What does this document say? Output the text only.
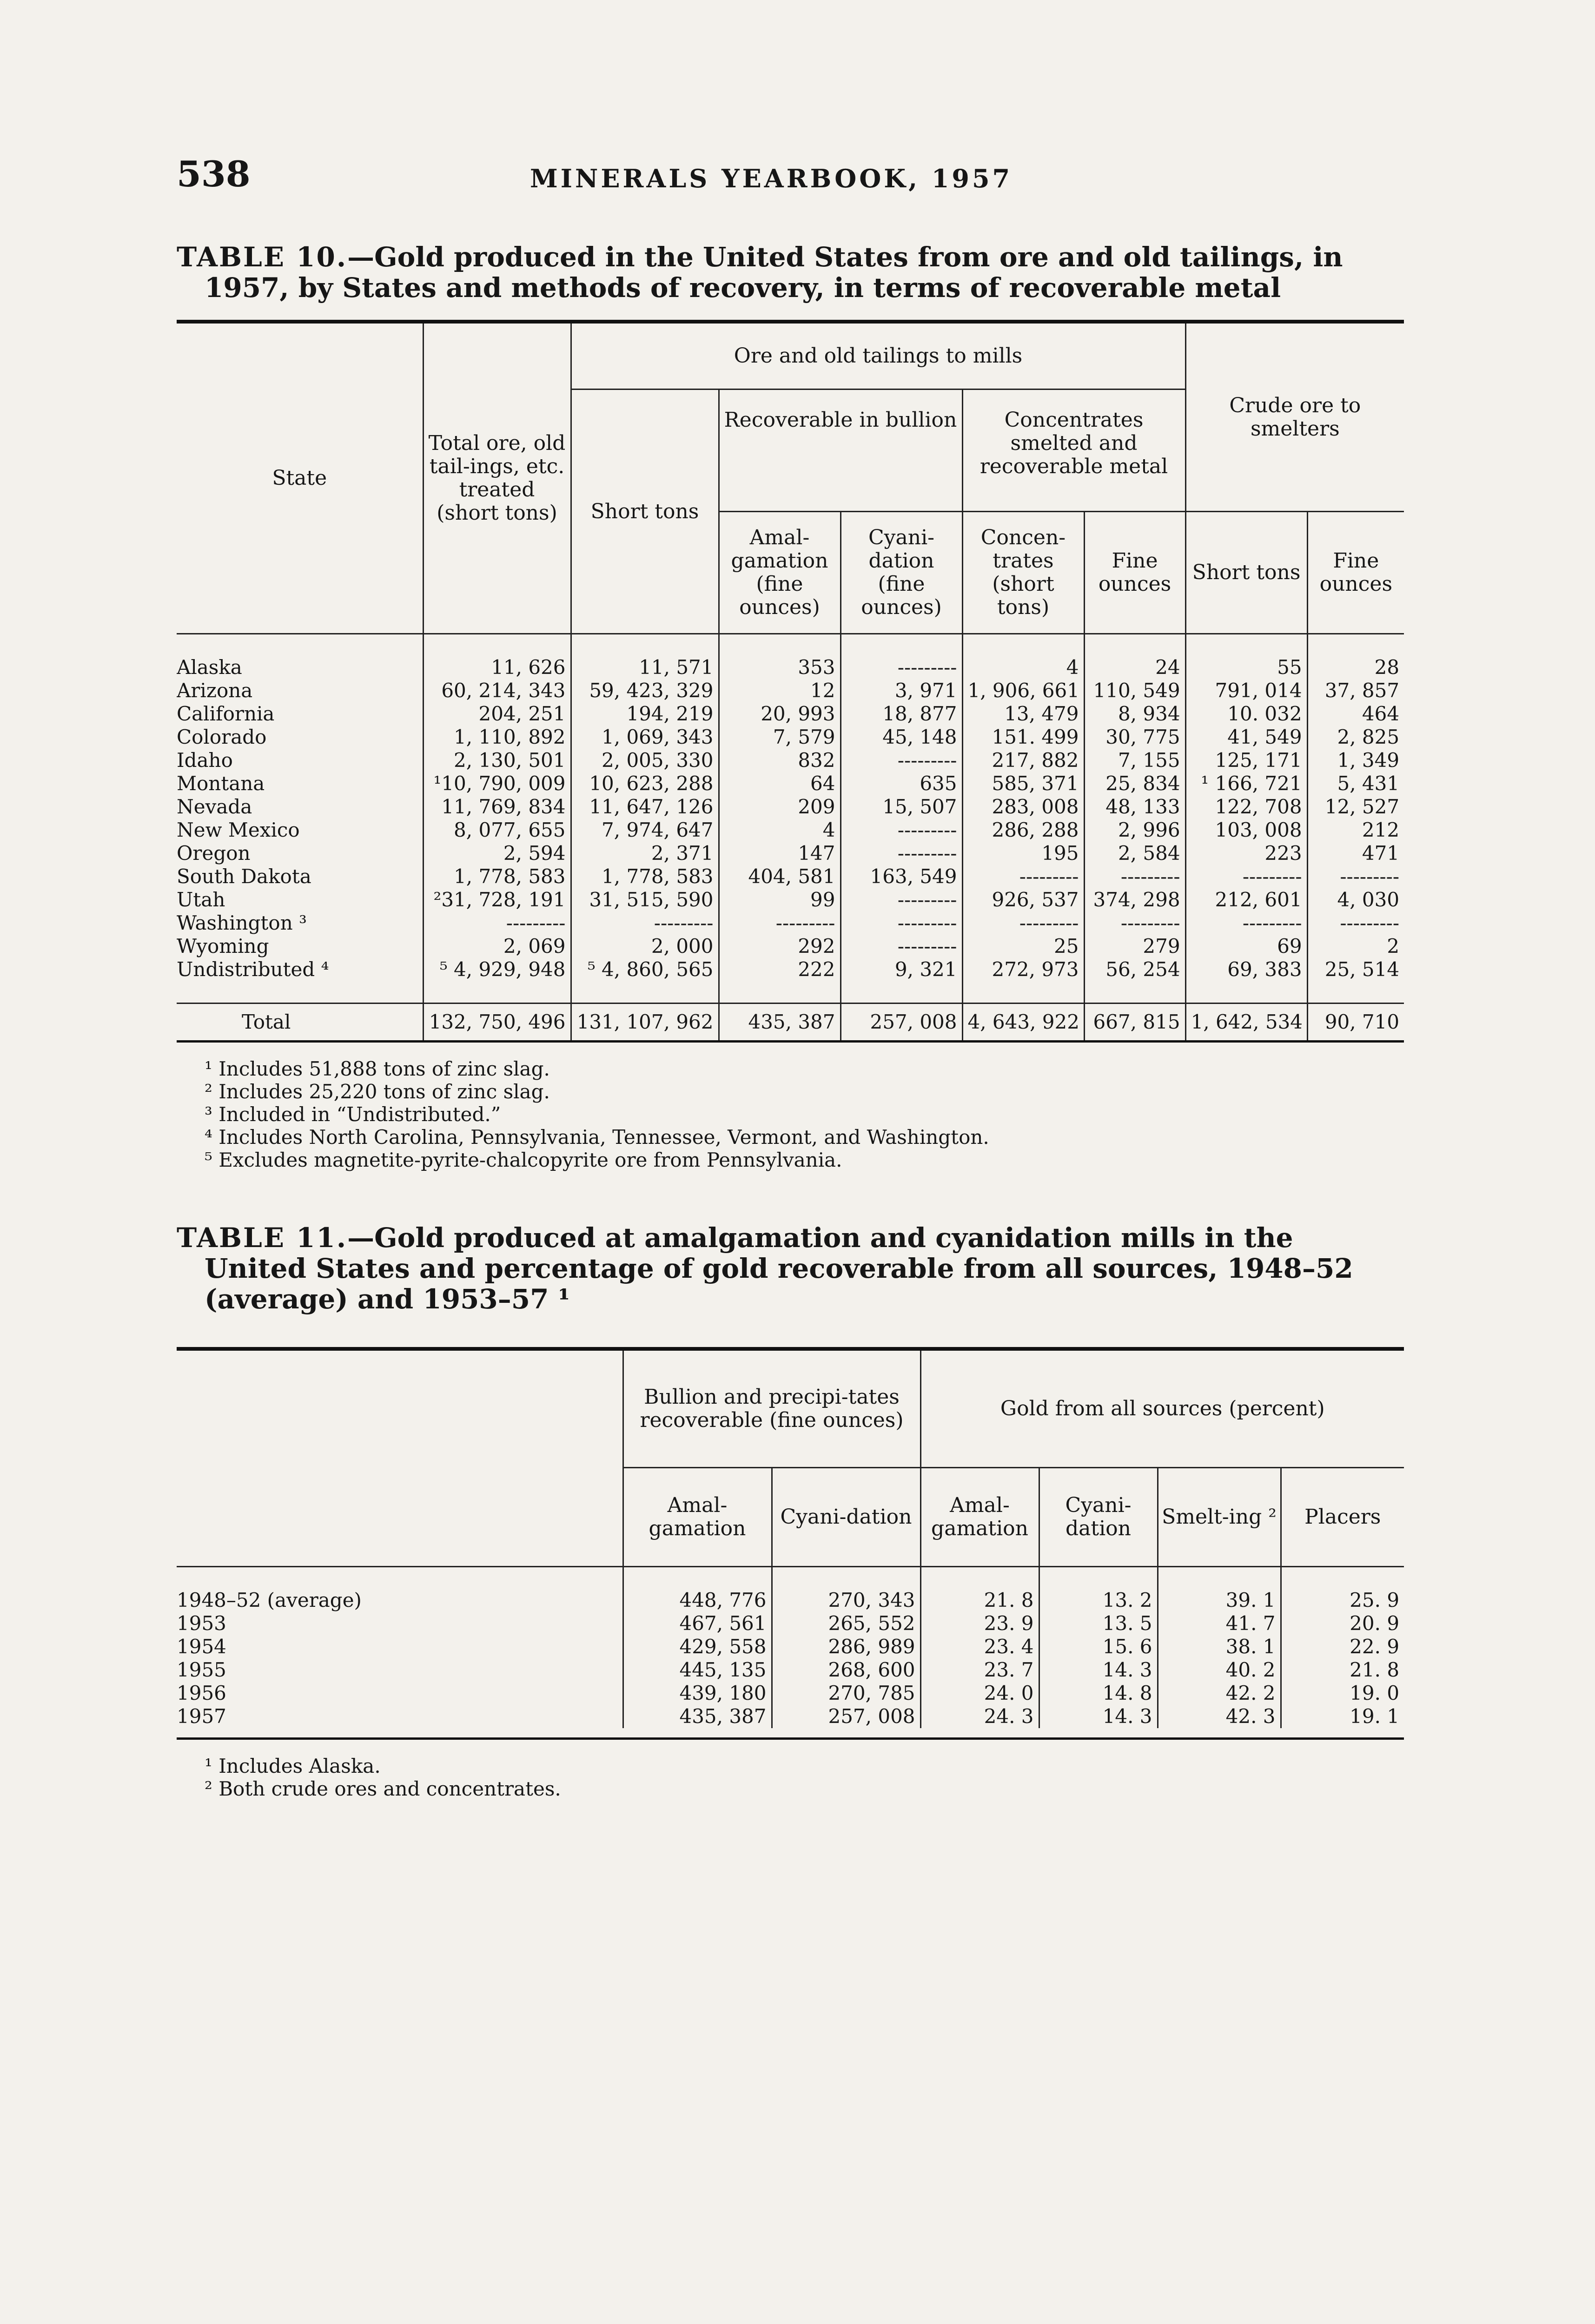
538	MINERALS YEARBOOK, 1957
TABLE 10.—Gold produced in the United States from ore and old tailings, in 1957, by States and methods of recovery, in terms of recoverable metal
State	Total ore, old tail-ings, etc. treated (short tons)	Ore and old tailings to mills					Crude ore to smelters	
		Short tons	Recoverable in bullion		Concentrates smelted and recoverable metal			
			Amal-gamation (fine ounces)	Cyani-dation (fine ounces)	Concen-trates (short tons)	Fine ounces	Short tons	Fine ounces

Alaska	11, 626	11, 571	353	---------	4	24	55	28
Arizona	60, 214, 343	59, 423, 329	12	3, 971	1, 906, 661	110, 549	791, 014	37, 857
California	204, 251	194, 219	20, 993	18, 877	13, 479	8, 934	10. 032	464
Colorado	1, 110, 892	1, 069, 343	7, 579	45, 148	151. 499	30, 775	41, 549	2, 825
Idaho	2, 130, 501	2, 005, 330	832	---------	217, 882	7, 155	125, 171	1, 349
Montana	¹10, 790, 009	10, 623, 288	64	635	585, 371	25, 834	¹ 166, 721	5, 431
Nevada	11, 769, 834	11, 647, 126	209	15, 507	283, 008	48, 133	122, 708	12, 527
New Mexico	8, 077, 655	7, 974, 647	4	---------	286, 288	2, 996	103, 008	212
Oregon	2, 594	2, 371	147	---------	195	2, 584	223	471
South Dakota	1, 778, 583	1, 778, 583	404, 581	163, 549	---------	---------	---------	---------
Utah	²31, 728, 191	31, 515, 590	99	---------	926, 537	374, 298	212, 601	4, 030
Washington ³	---------	---------	---------	---------	---------	---------	---------	---------
Wyoming	2, 069	2, 000	292	---------	25	279	69	2
Undistributed ⁴	⁵ 4, 929, 948	⁵ 4, 860, 565	222	9, 321	272, 973	56, 254	69, 383	25, 514

Total	132, 750, 496	131, 107, 962	435, 387	257, 008	4, 643, 922	667, 815	1, 642, 534	90, 710
¹ Includes 51,888 tons of zinc slag.
² Includes 25,220 tons of zinc slag.
³ Included in “Undistributed.”
⁴ Includes North Carolina, Pennsylvania, Tennessee, Vermont, and Washington.
⁵ Excludes magnetite-pyrite-chalcopyrite ore from Pennsylvania.
TABLE 11.—Gold produced at amalgamation and cyanidation mills in the United States and percentage of gold recoverable from all sources, 1948–52 (average) and 1953–57 ¹
	Bullion and precipi-tates recoverable (fine ounces)		Gold from all sources (percent)			
	Amal-gamation	Cyani-dation	Amal-gamation	Cyani-dation	Smelt-ing ²	Placers

1948–52 (average)	448, 776	270, 343	21. 8	13. 2	39. 1	25. 9
1953	467, 561	265, 552	23. 9	13. 5	41. 7	20. 9
1954	429, 558	286, 989	23. 4	15. 6	38. 1	22. 9
1955	445, 135	268, 600	23. 7	14. 3	40. 2	21. 8
1956	439, 180	270, 785	24. 0	14. 8	42. 2	19. 0
1957	435, 387	257, 008	24. 3	14. 3	42. 3	19. 1
¹ Includes Alaska.
² Both crude ores and concentrates.
